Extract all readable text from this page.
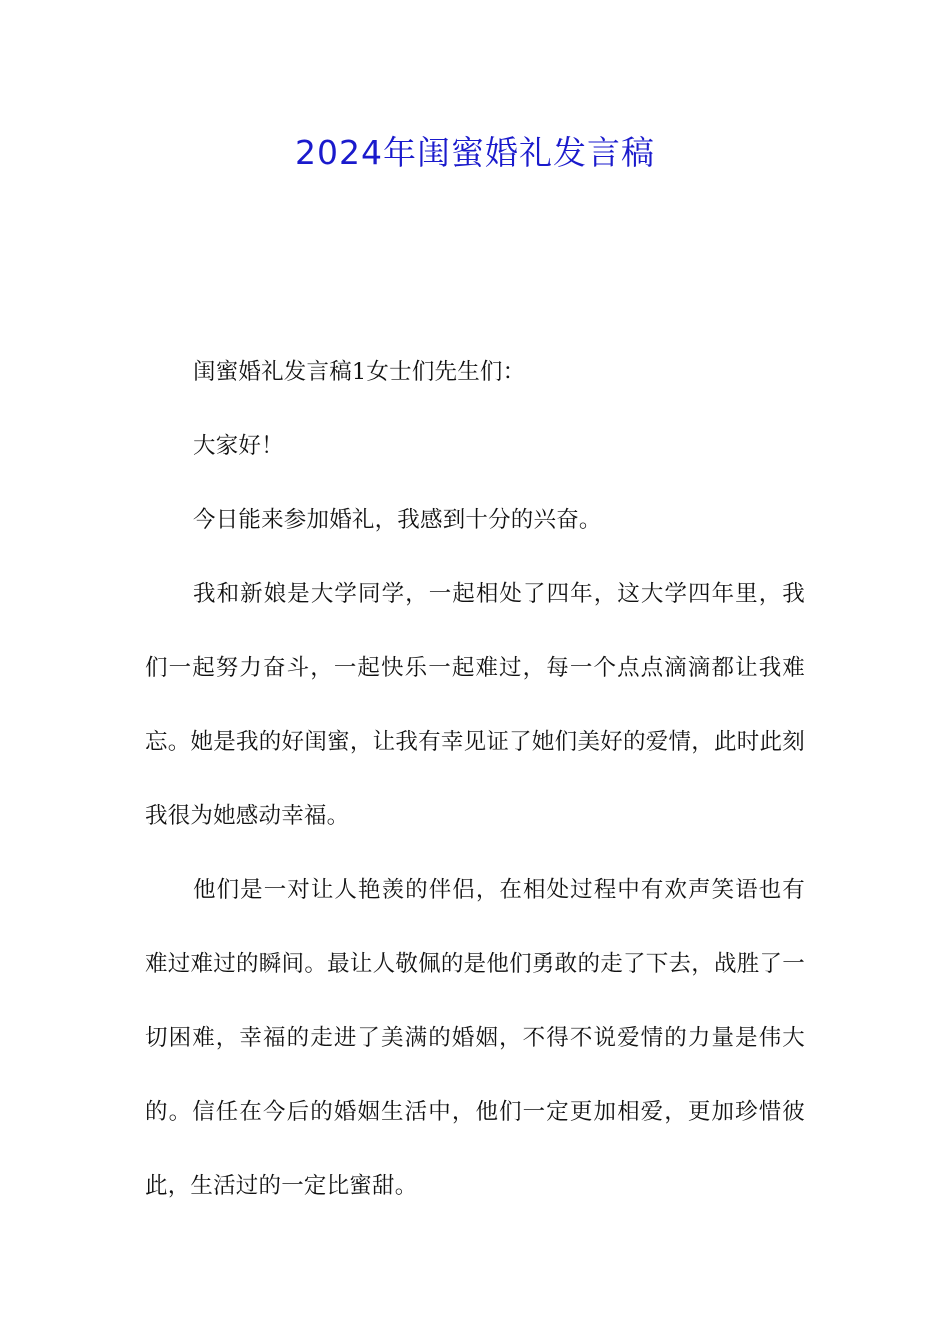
2024年闺蜜婚礼发言稿

闺蜜婚礼发言稿1女士们先生们：

大家好！

今日能来参加婚礼，我感到十分的兴奋。

我和新娘是大学同学，一起相处了四年，这大学四年里，我们一起努力奋斗，一起快乐一起难过，每一个点点滴滴都让我难忘。她是我的好闺蜜，让我有幸见证了她们美好的爱情，此时此刻我很为她感动幸福。

他们是一对让人艳羡的伴侣，在相处过程中有欢声笑语也有难过难过的瞬间。最让人敬佩的是他们勇敢的走了下去，战胜了一切困难，幸福的走进了美满的婚姻，不得不说爱情的力量是伟大的。信任在今后的婚姻生活中，他们一定更加相爱，更加珍惜彼此，生活过的一定比蜜甜。
